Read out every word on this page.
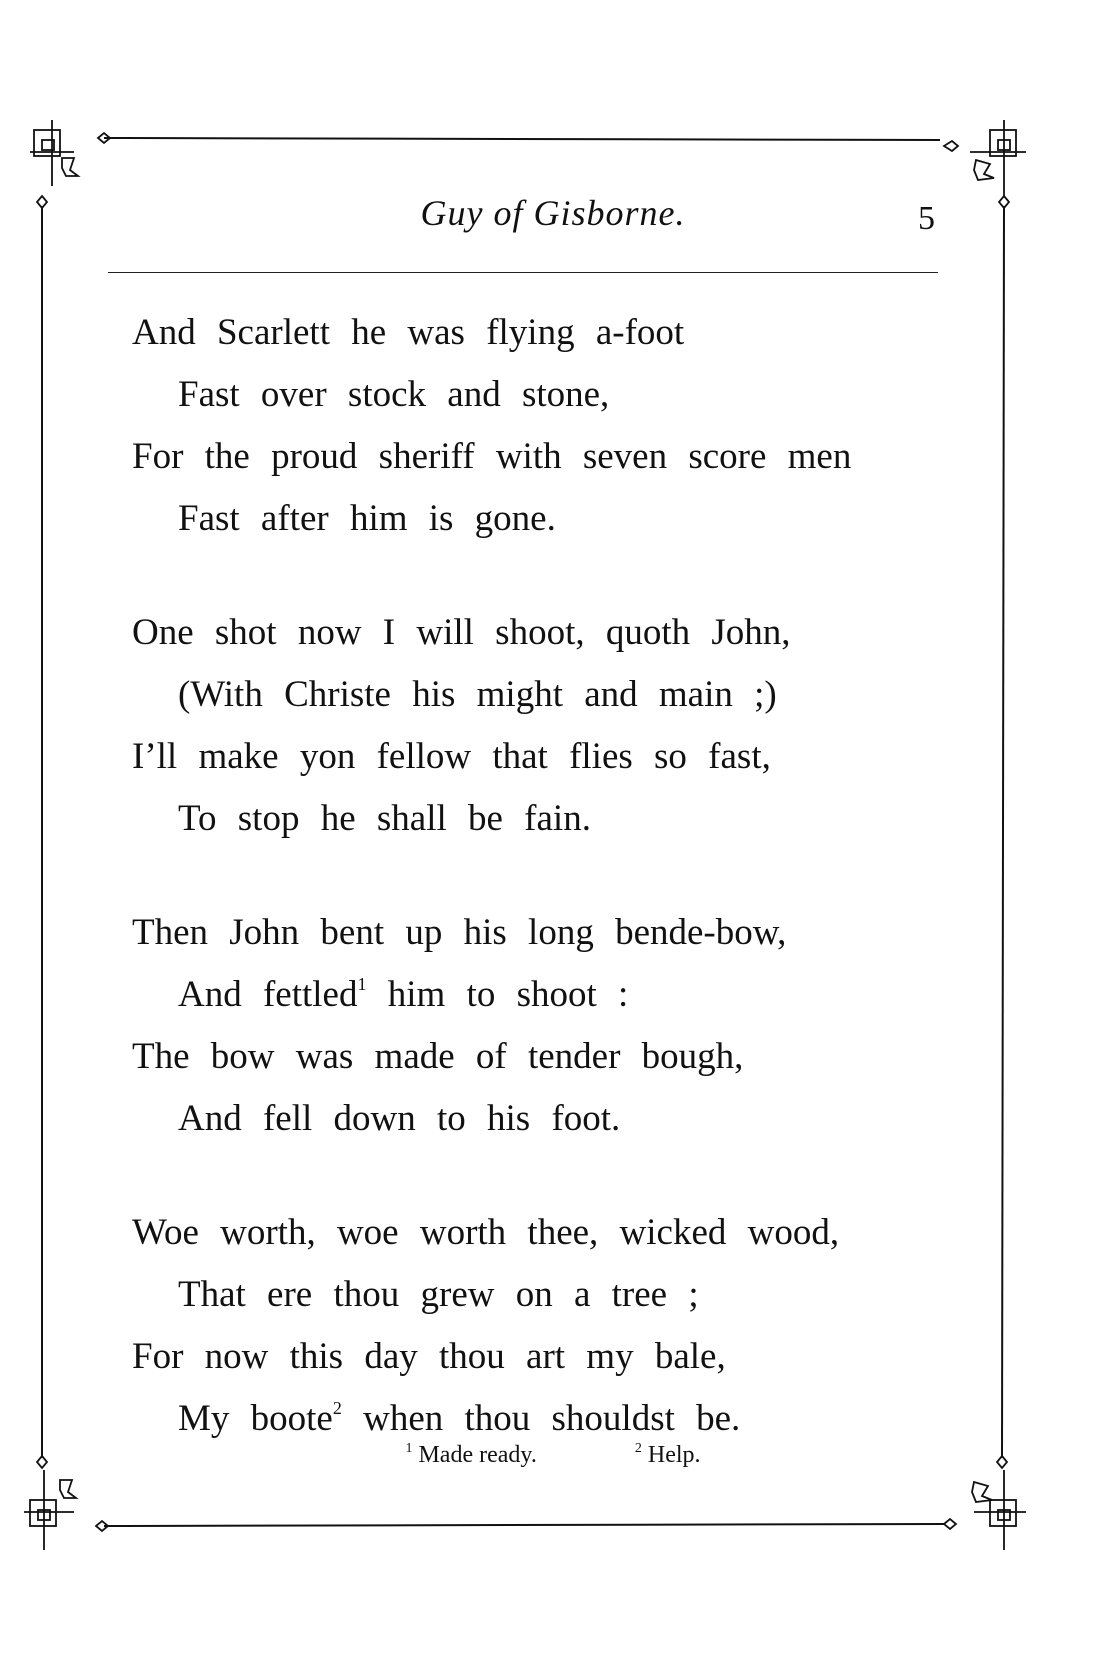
Guy of Gisborne.	5
And Scarlett he was flying a-foot
Fast over stock and stone,
For the proud sheriff with seven score men
Fast after him is gone.
One shot now I will shoot, quoth John,
(With Christe his might and main ;)
I’ll make yon fellow that flies so fast,
To stop he shall be fain.
Then John bent up his long bende-bow,
And fettled$^1$ him to shoot :
The bow was made of tender bough,
And fell down to his foot.
Woe worth, woe worth thee, wicked wood,
That ere thou grew on a tree ;
For now this day thou art my bale,
My boote$^2$ when thou shouldst be.
$^1$ Made ready.	$^2$ Help.
